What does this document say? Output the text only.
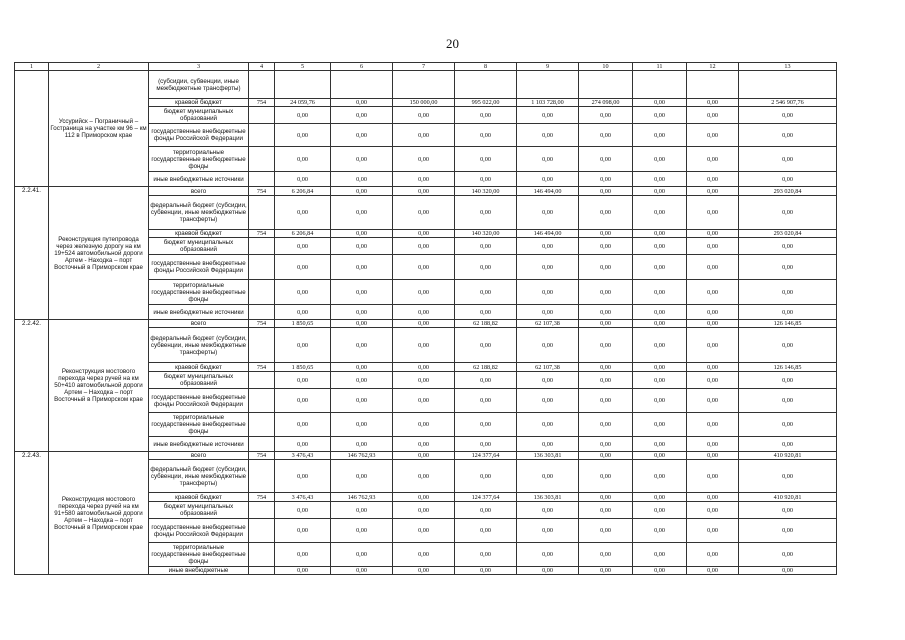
20
1	2	3	4	5	6	7	8	9	10	11	12	13
	Уссурийск – Пограничный – Гостраница на участке км 96 – км 112 в Приморском крае	(субсидии, субвенции, иные межбюджетные трансферты)										
		краевой бюджет	754	24 059,76	0,00	150 000,00	995 022,00	1 103 728,00	274 098,00	0,00	0,00	2 546 907,76
		бюджет муниципальных образований		0,00	0,00	0,00	0,00	0,00	0,00	0,00	0,00	0,00
		государственные внебюджетные фонды Российской Федерации		0,00	0,00	0,00	0,00	0,00	0,00	0,00	0,00	0,00
		территориальные государственные внебюджетные фонды		0,00	0,00	0,00	0,00	0,00	0,00	0,00	0,00	0,00
		иные внебюджетные источники		0,00	0,00	0,00	0,00	0,00	0,00	0,00	0,00	0,00
2.2.41.	Реконструкция путепровода через железную дорогу на км 19+524 автомобильной дороги Артем - Находка – порт Восточный в Приморском крае	всего	754	6 206,84	0,00	0,00	140 320,00	146 494,00	0,00	0,00	0,00	293 020,84
		федеральный бюджет (субсидии, субвенции, иные межбюджетные трансферты)		0,00	0,00	0,00	0,00	0,00	0,00	0,00	0,00	0,00
		краевой бюджет	754	6 206,84	0,00	0,00	140 320,00	146 494,00	0,00	0,00	0,00	293 020,84
		бюджет муниципальных образований		0,00	0,00	0,00	0,00	0,00	0,00	0,00	0,00	0,00
		государственные внебюджетные фонды Российской Федерации		0,00	0,00	0,00	0,00	0,00	0,00	0,00	0,00	0,00
		территориальные государственные внебюджетные фонды		0,00	0,00	0,00	0,00	0,00	0,00	0,00	0,00	0,00
		иные внебюджетные источники		0,00	0,00	0,00	0,00	0,00	0,00	0,00	0,00	0,00
2.2.42.	Реконструкция мостового перехода через ручей на км 50+410 автомобильной дороги Артем – Находка – порт Восточный в Приморском крае	всего	754	1 850,65	0,00	0,00	62 188,82	62 107,38	0,00	0,00	0,00	126 146,85
		федеральный бюджет (субсидии, субвенции, иные межбюджетные трансферты)		0,00	0,00	0,00	0,00	0,00	0,00	0,00	0,00	0,00
		краевой бюджет	754	1 850,65	0,00	0,00	62 188,82	62 107,38	0,00	0,00	0,00	126 146,85
		бюджет муниципальных образований		0,00	0,00	0,00	0,00	0,00	0,00	0,00	0,00	0,00
		государственные внебюджетные фонды Российской Федерации		0,00	0,00	0,00	0,00	0,00	0,00	0,00	0,00	0,00
		территориальные государственные внебюджетные фонды		0,00	0,00	0,00	0,00	0,00	0,00	0,00	0,00	0,00
		иные внебюджетные источники		0,00	0,00	0,00	0,00	0,00	0,00	0,00	0,00	0,00
2.2.43.	Реконструкция мостового перехода через ручей на км 91+580 автомобильной дороги Артем – Находка – порт Восточный в Приморском крае	всего	754	3 476,43	146 762,93	0,00	124 377,64	136 303,81	0,00	0,00	0,00	410 920,81
		федеральный бюджет (субсидии, субвенции, иные межбюджетные трансферты)		0,00	0,00	0,00	0,00	0,00	0,00	0,00	0,00	0,00
		краевой бюджет	754	3 476,43	146 762,93	0,00	124 377,64	136 303,81	0,00	0,00	0,00	410 920,81
		бюджет муниципальных образований		0,00	0,00	0,00	0,00	0,00	0,00	0,00	0,00	0,00
		государственные внебюджетные фонды Российской Федерации		0,00	0,00	0,00	0,00	0,00	0,00	0,00	0,00	0,00
		территориальные государственные внебюджетные фонды		0,00	0,00	0,00	0,00	0,00	0,00	0,00	0,00	0,00
		иные внебюджетные		0,00	0,00	0,00	0,00	0,00	0,00	0,00	0,00	0,00
